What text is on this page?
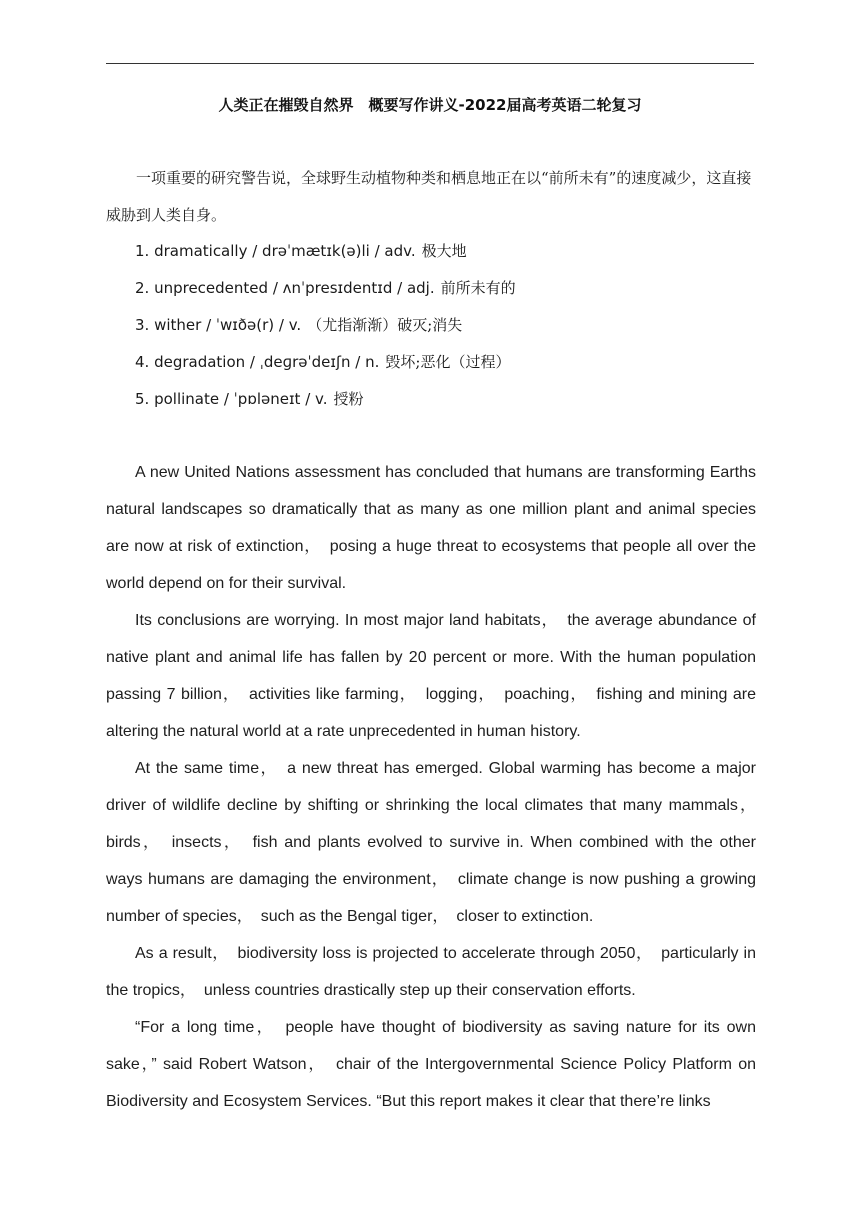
人类正在摧毁自然界　概要写作讲义-2022届高考英语二轮复习

一项重要的研究警告说，全球野生动植物种类和栖息地正在以“前所未有”的速度减少，这直接威胁到人类自身。

1. dramatically / drəˈmætɪk(ə)li / adv. 极大地
2. unprecedented / ʌnˈpresɪdentɪd / adj. 前所未有的
3. wither / ˈwɪðə(r) / v. （尤指渐渐）破灭;消失
4. degradation / ˌdeɡrəˈdeɪʃn / n. 毁坏;恶化（过程）
5. pollinate / ˈpɒləneɪt / v. 授粉

A new United Nations assessment has concluded that humans are transforming Earths natural landscapes so dramatically that as many as one million plant and animal species are now at risk of extinction，　posing a huge threat to ecosystems that people all over the world depend on for their survival.

Its conclusions are worrying. In most major land habitats，　the average abundance of native plant and animal life has fallen by 20 percent or more. With the human population passing 7 billion，　activities like farming，　logging，　poaching，　fishing and mining are altering the natural world at a rate unprecedented in human history.

At the same time，　a new threat has emerged. Global warming has become a major driver of wildlife decline by shifting or shrinking the local climates that many mammals，birds，　insects，　fish and plants evolved to survive in. When combined with the other ways humans are damaging the environment，　climate change is now pushing a growing number of species，　such as the Bengal tiger，　closer to extinction.

As a result，　biodiversity loss is projected to accelerate through 2050，　particularly in the tropics，　unless countries drastically step up their conservation efforts.

“For a long time，　people have thought of biodiversity as saving nature for its own sake，” said Robert Watson，　chair of the Intergovernmental Science Policy Platform on Biodiversity and Ecosystem Services. “But this report makes it clear that there’re links
